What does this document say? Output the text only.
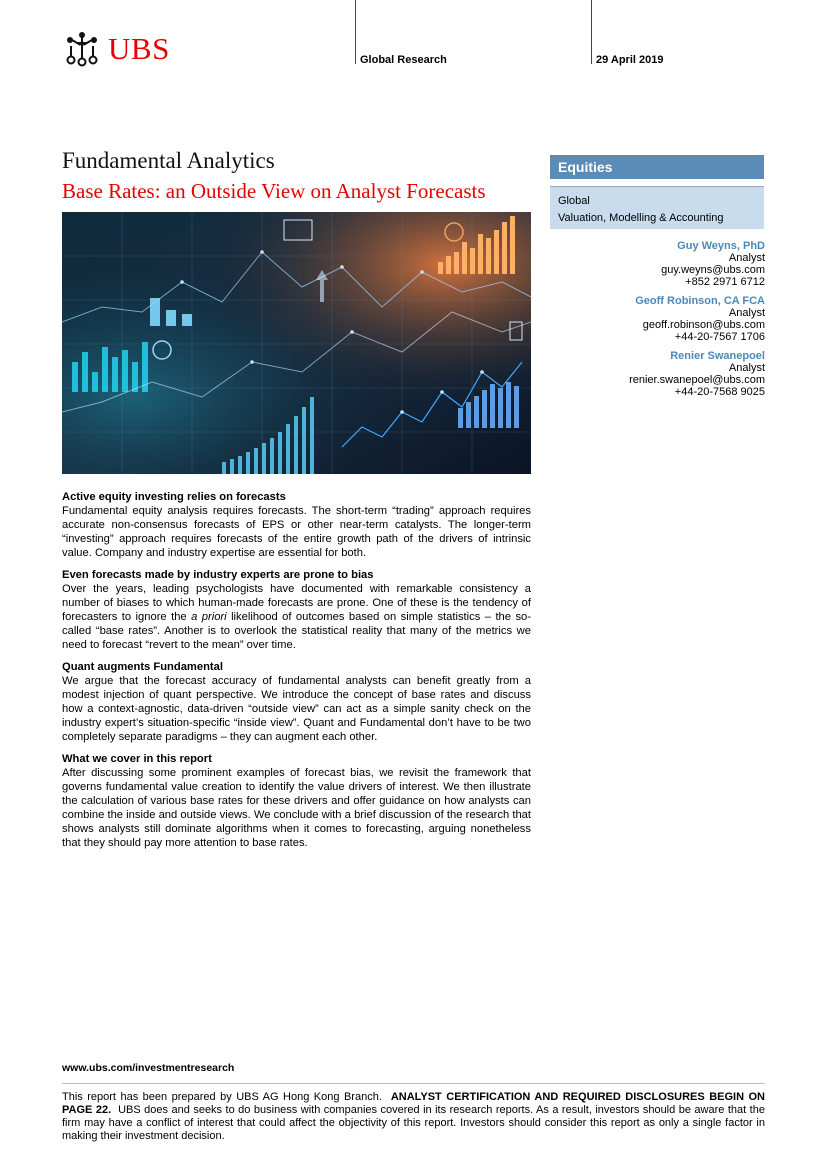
UBS	Global Research	29 April 2019
Fundamental Analytics
Base Rates: an Outside View on Analyst Forecasts
Equities
Global
Valuation, Modelling & Accounting
Guy Weyns, PhD
Analyst
guy.weyns@ubs.com
+852 2971 6712
Geoff Robinson, CA FCA
Analyst
geoff.robinson@ubs.com
+44-20-7567 1706
Renier Swanepoel
Analyst
renier.swanepoel@ubs.com
+44-20-7568 9025
Active equity investing relies on forecasts

Fundamental equity analysis requires forecasts. The short-term “trading” approach requires accurate non-consensus forecasts of EPS or other near-term catalysts. The longer-term “investing” approach requires forecasts of the entire growth path of the drivers of intrinsic value. Company and industry expertise are essential for both.

Even forecasts made by industry experts are prone to bias

Over the years, leading psychologists have documented with remarkable consistency a number of biases to which human-made forecasts are prone. One of these is the tendency of forecasters to ignore the a priori likelihood of outcomes based on simple statistics – the so-called “base rates”. Another is to overlook the statistical reality that many of the metrics we need to forecast “revert to the mean” over time.

Quant augments Fundamental

We argue that the forecast accuracy of fundamental analysts can benefit greatly from a modest injection of quant perspective. We introduce the concept of base rates and discuss how a context-agnostic, data-driven “outside view” can act as a simple sanity check on the industry expert’s situation-specific “inside view”. Quant and Fundamental don’t have to be two completely separate paradigms – they can augment each other.

What we cover in this report

After discussing some prominent examples of forecast bias, we revisit the framework that governs fundamental value creation to identify the value drivers of interest. We then illustrate the calculation of various base rates for these drivers and offer guidance on how analysts can combine the inside and outside views. We conclude with a brief discussion of the research that shows analysts still dominate algorithms when it comes to forecasting, arguing nonetheless that they should pay more attention to base rates.

www.ubs.com/investmentresearch
This report has been prepared by UBS AG Hong Kong Branch. ANALYST CERTIFICATION AND REQUIRED DISCLOSURES BEGIN ON PAGE 22. UBS does and seeks to do business with companies covered in its research reports. As a result, investors should be aware that the firm may have a conflict of interest that could affect the objectivity of this report. Investors should consider this report as only a single factor in making their investment decision.
